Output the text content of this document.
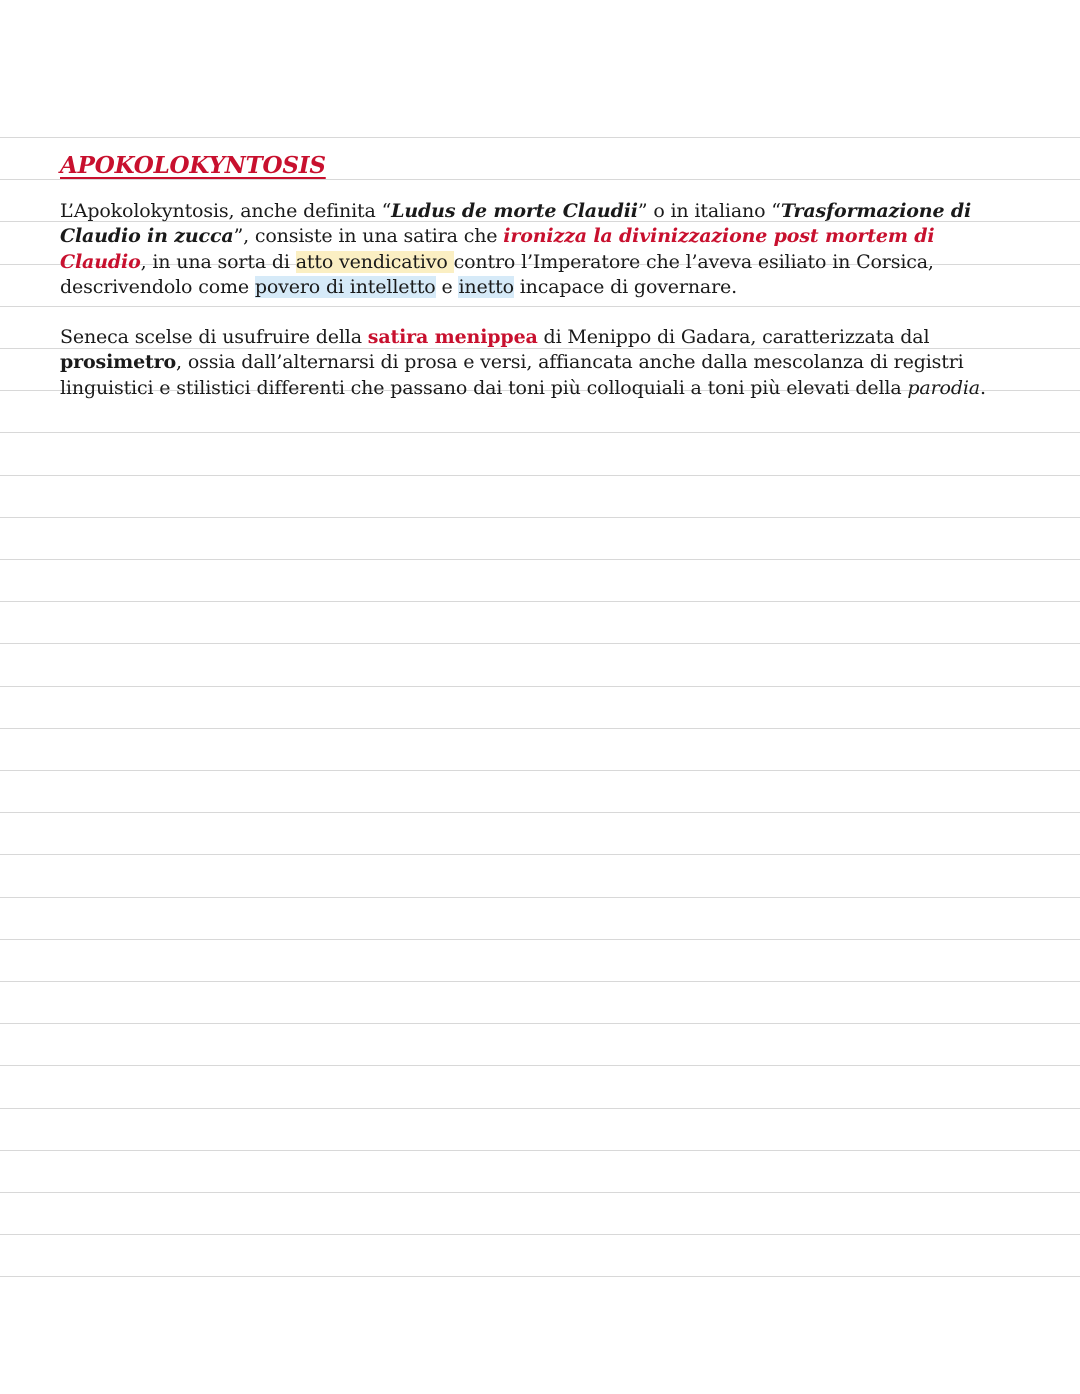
APOKOLOKYNTOSIS

L’Apokolokyntosis, anche definita “Ludus de morte Claudii” o in italiano “Trasformazione di Claudio in zucca”, consiste in una satira che ironizza la divinizzazione post mortem di Claudio, in una sorta di atto vendicativo contro l’Imperatore che l’aveva esiliato in Corsica, descrivendolo come povero di intelletto e inetto incapace di governare.

Seneca scelse di usufruire della satira menippea di Menippo di Gadara, caratterizzata dal prosimetro, ossia dall’alternarsi di prosa e versi, affiancata anche dalla mescolanza di registri linguistici e stilistici differenti che passano dai toni più colloquiali a toni più elevati della parodia.
